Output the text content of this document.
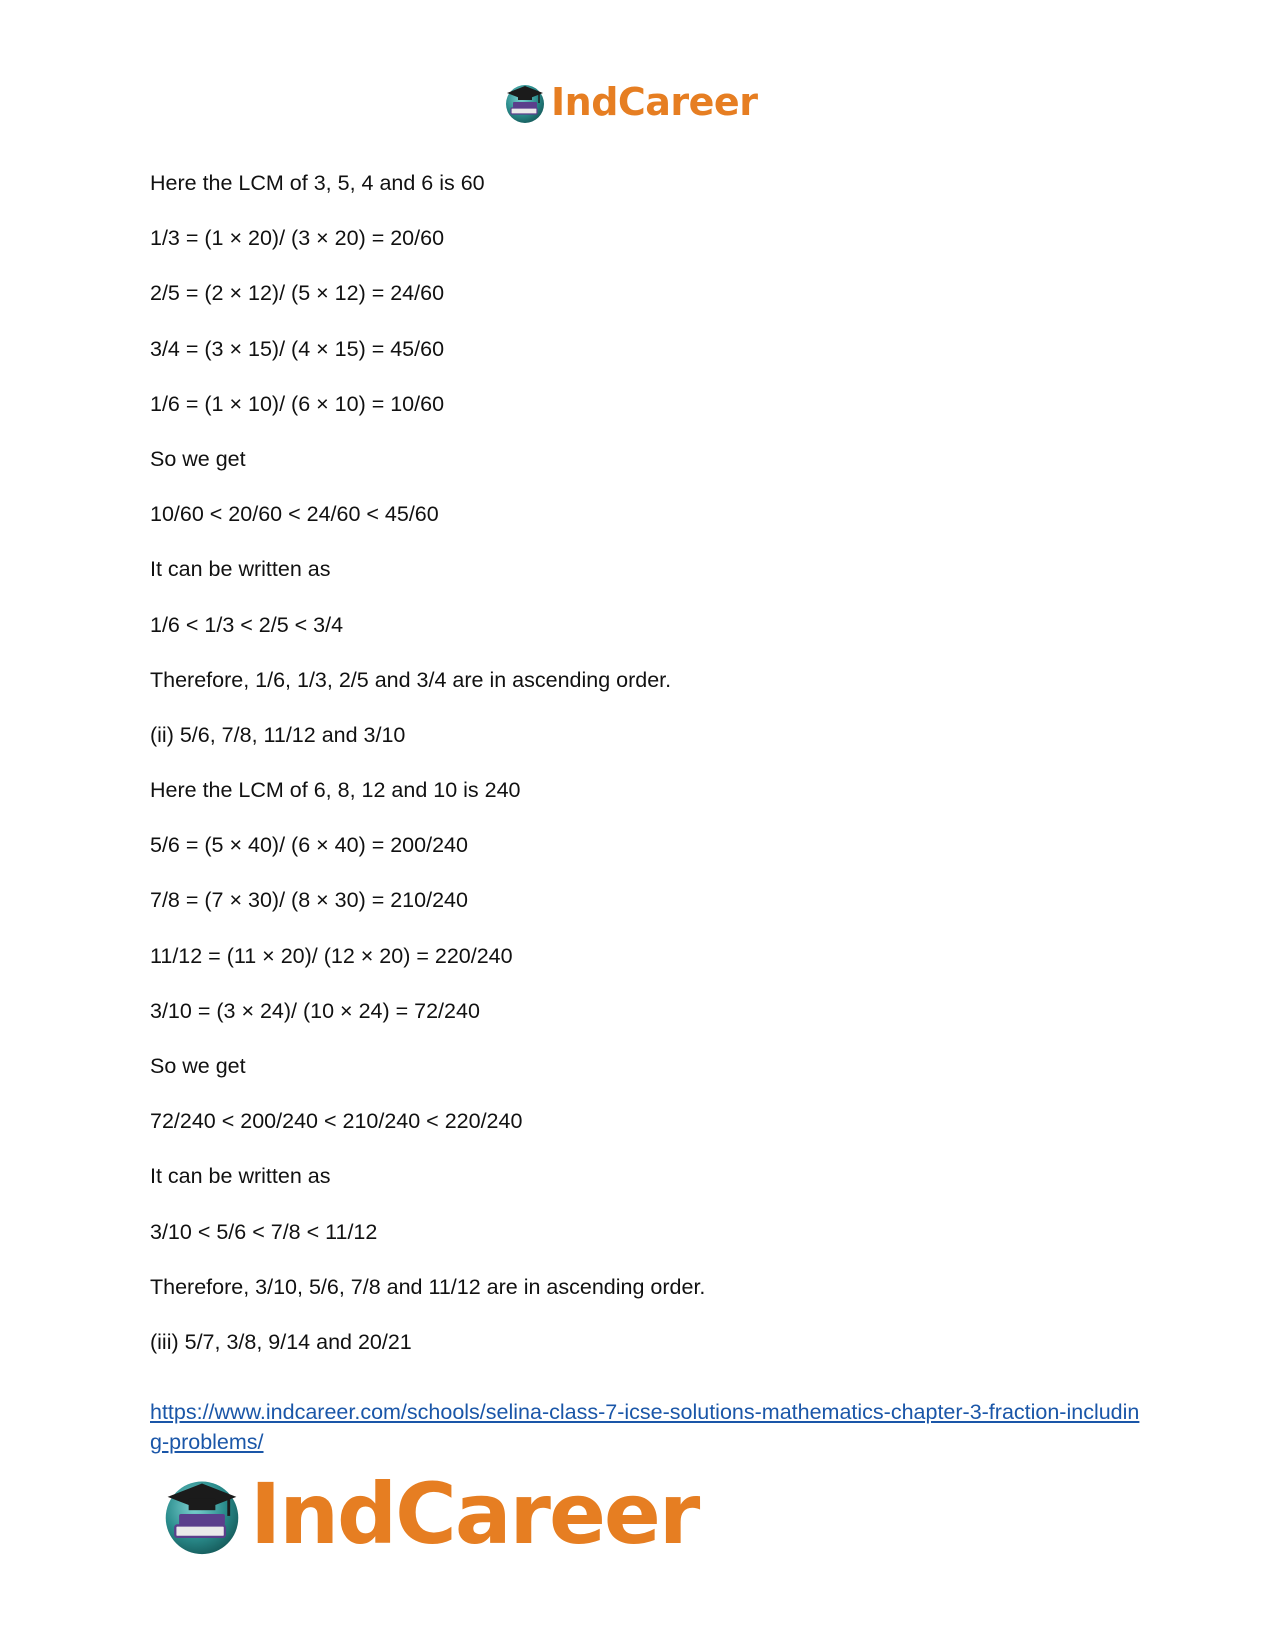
IndCareer
Here the LCM of 3, 5, 4 and 6 is 60
1/3 = (1 × 20)/ (3 × 20) = 20/60
2/5 = (2 × 12)/ (5 × 12) = 24/60
3/4 = (3 × 15)/ (4 × 15) = 45/60
1/6 = (1 × 10)/ (6 × 10) = 10/60
So we get
10/60 < 20/60 < 24/60 < 45/60
It can be written as
1/6 < 1/3 < 2/5 < 3/4
Therefore, 1/6, 1/3, 2/5 and 3/4 are in ascending order.
(ii) 5/6, 7/8, 11/12 and 3/10
Here the LCM of 6, 8, 12 and 10 is 240
5/6 = (5 × 40)/ (6 × 40) = 200/240
7/8 = (7 × 30)/ (8 × 30) = 210/240
11/12 = (11 × 20)/ (12 × 20) = 220/240
3/10 = (3 × 24)/ (10 × 24) = 72/240
So we get
72/240 < 200/240 < 210/240 < 220/240
It can be written as
3/10 < 5/6 < 7/8 < 11/12
Therefore, 3/10, 5/6, 7/8 and 11/12 are in ascending order.
(iii) 5/7, 3/8, 9/14 and 20/21
https://www.indcareer.com/schools/selina-class-7-icse-solutions-mathematics-chapter-3-fraction-including-problems/
IndCareer
